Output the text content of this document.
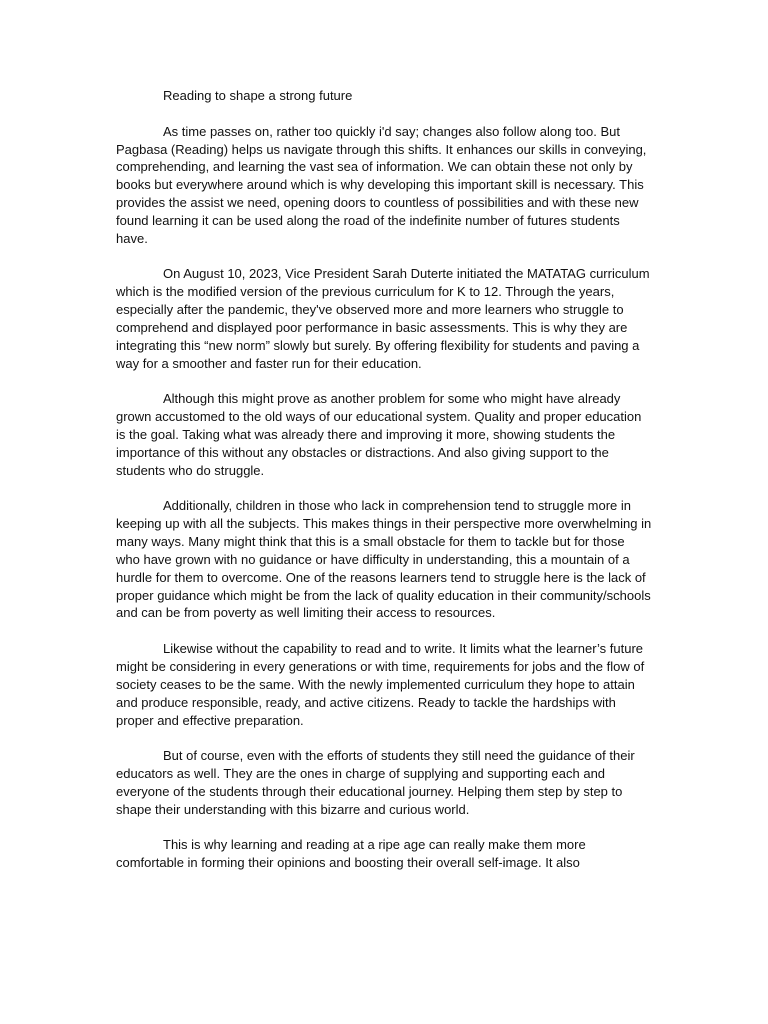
Reading to shape a strong future

As time passes on, rather too quickly i'd say; changes also follow along too. But Pagbasa (Reading) helps us navigate through this shifts. It enhances our skills in conveying, comprehending, and learning the vast sea of information. We can obtain these not only by books but everywhere around which is why developing this important skill is necessary. This provides the assist we need, opening doors to countless of possibilities and with these new found learning it can be used along the road of the indefinite number of futures students have.

On August 10, 2023, Vice President Sarah Duterte initiated the MATATAG curriculum which is the modified version of the previous curriculum for K to 12. Through the years, especially after the pandemic, they've observed more and more learners who struggle to comprehend and displayed poor performance in basic assessments. This is why they are integrating this “new norm” slowly but surely. By offering flexibility for students and paving a way for a smoother and faster run for their education.

Although this might prove as another problem for some who might have already grown accustomed to the old ways of our educational system. Quality and proper education is the goal. Taking what was already there and improving it more, showing students the importance of this without any obstacles or distractions. And also giving support to the students who do struggle.

Additionally, children in those who lack in comprehension tend to struggle more in keeping up with all the subjects. This makes things in their perspective more overwhelming in many ways. Many might think that this is a small obstacle for them to tackle but for those who have grown with no guidance or have difficulty in understanding, this a mountain of a hurdle for them to overcome. One of the reasons learners tend to struggle here is the lack of proper guidance which might be from the lack of quality education in their community/schools and can be from poverty as well limiting their access to resources.

Likewise without the capability to read and to write. It limits what the learner’s future might be considering in every generations or with time, requirements for jobs and the flow of society ceases to be the same. With the newly implemented curriculum they hope to attain and produce responsible, ready, and active citizens. Ready to tackle the hardships with proper and effective preparation.

But of course, even with the efforts of students they still need the guidance of their educators as well. They are the ones in charge of supplying and supporting each and everyone of the students through their educational journey. Helping them step by step to shape their understanding with this bizarre and curious world.

This is why learning and reading at a ripe age can really make them more comfortable in forming their opinions and boosting their overall self-image. It also
